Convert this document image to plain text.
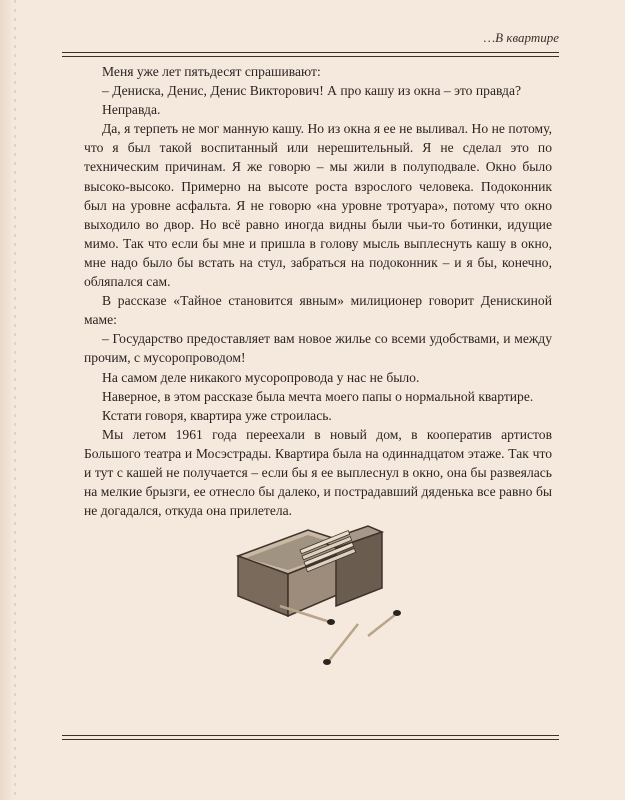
…В квартире

Меня уже лет пятьдесят спрашивают:

– Дениска, Денис, Денис Викторович! А про кашу из окна – это правда?

Неправда.

Да, я терпеть не мог манную кашу. Но из окна я ее не выливал. Но не потому, что я был такой воспитанный или нерешительный. Я не сделал это по техническим причинам. Я же говорю – мы жили в полуподвале. Окно было высоко-высоко. Примерно на высоте роста взрослого человека. Подоконник был на уровне асфальта. Я не говорю «на уровне тротуара», потому что окно выходило во двор. Но всё равно иногда видны были чьи-то ботинки, идущие мимо. Так что если бы мне и пришла в голову мысль выплеснуть кашу в окно, мне надо было бы встать на стул, забраться на подоконник – и я бы, конечно, обляпался сам.

В рассказе «Тайное становится явным» милиционер говорит Денискиной маме:

– Государство предоставляет вам новое жилье со всеми удобствами, и между прочим, с мусоропроводом!

На самом деле никакого мусоропровода у нас не было.

Наверное, в этом рассказе была мечта моего папы о нормальной квартире.

Кстати говоря, квартира уже строилась.

Мы летом 1961 года переехали в новый дом, в кооператив артистов Большого театра и Мосэстрады. Квартира была на одиннадцатом этаже. Так что и тут с кашей не получается – если бы я ее выплеснул в окно, она бы развеялась на мелкие брызги, ее отнесло бы далеко, и пострадавший дяденька все равно бы не догадался, откуда она прилетела.
